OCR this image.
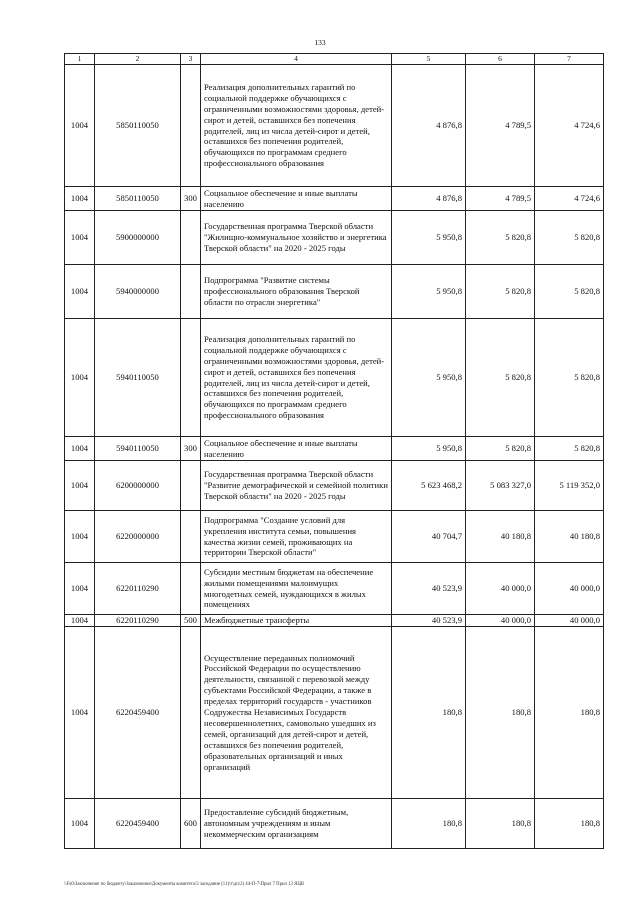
133
1	2	3	4	5	6	7
1004	5850110050		Реализация дополнительных гарантий по социальной поддержке обучающихся с ограниченными возможностями здоровья, детей-сирот и детей, оставшихся без попечения родителей, лиц из числа детей-сирот и детей, оставшихся без попечения родителей, обучающихся по программам среднего профессионального образования	4 876,8	4 789,5	4 724,6
1004	5850110050	300	Социальное обеспечение и иные выплаты населению	4 876,8	4 789,5	4 724,6
1004	5900000000		Государственная программа Тверской области "Жилищно-коммунальное хозяйство и энергетика Тверской области" на 2020 - 2025 годы	5 950,8	5 820,8	5 820,8
1004	5940000000		Подпрограмма "Развитие системы профессионального образования Тверской области по отрасли энергетика"	5 950,8	5 820,8	5 820,8
1004	5940110050		Реализация дополнительных гарантий по социальной поддержке обучающихся с ограниченными возможностями здоровья, детей-сирот и детей, оставшихся без попечения родителей, лиц из числа детей-сирот и детей, оставшихся без попечения родителей, обучающихся по программам среднего профессионального образования	5 950,8	5 820,8	5 820,8
1004	5940110050	300	Социальное обеспечение и иные выплаты населению	5 950,8	5 820,8	5 820,8
1004	6200000000		Государственная программа Тверской области "Развитие демографической и семейной политики Тверской области" на 2020 - 2025 годы	5 623 468,2	5 083 327,0	5 119 352,0
1004	6220000000		Подпрограмма "Создание условий для укрепления института семьи, повышения качества жизни семей, проживающих на территории Тверской области"	40 704,7	40 180,8	40 180,8
1004	6220110290		Субсидии местным бюджетам на обеспечение жилыми помещениями малоимущих многодетных семей, нуждающихся в жилых помещениях	40 523,9	40 000,0	40 000,0
1004	6220110290	500	Межбюджетные трансферты	40 523,9	40 000,0	40 000,0
1004	6220459400		Осуществление переданных полномочий Российской Федерации по осуществлению деятельности, связанной с перевозкой между субъектами Российской Федерации, а также в пределах территорий государств - участников Содружества Независимых Государств несовершеннолетних, самовольно ушедших из семей, организаций для детей-сирот и детей, оставшихся без попечения родителей, образовательных организаций и иных организаций	180,8	180,8	180,8
1004	6220459400	600	Предоставление субсидий бюджетным, автономным учреждениям и иным некоммерческим организациям	180,8	180,8	180,8
\\Fs0\Заключение по бюджету\Заключение\Документы комитета\3 заседание (11)\т\дп\2) 44-П-7\Прил 7 Прил 13 ЯЦВ
